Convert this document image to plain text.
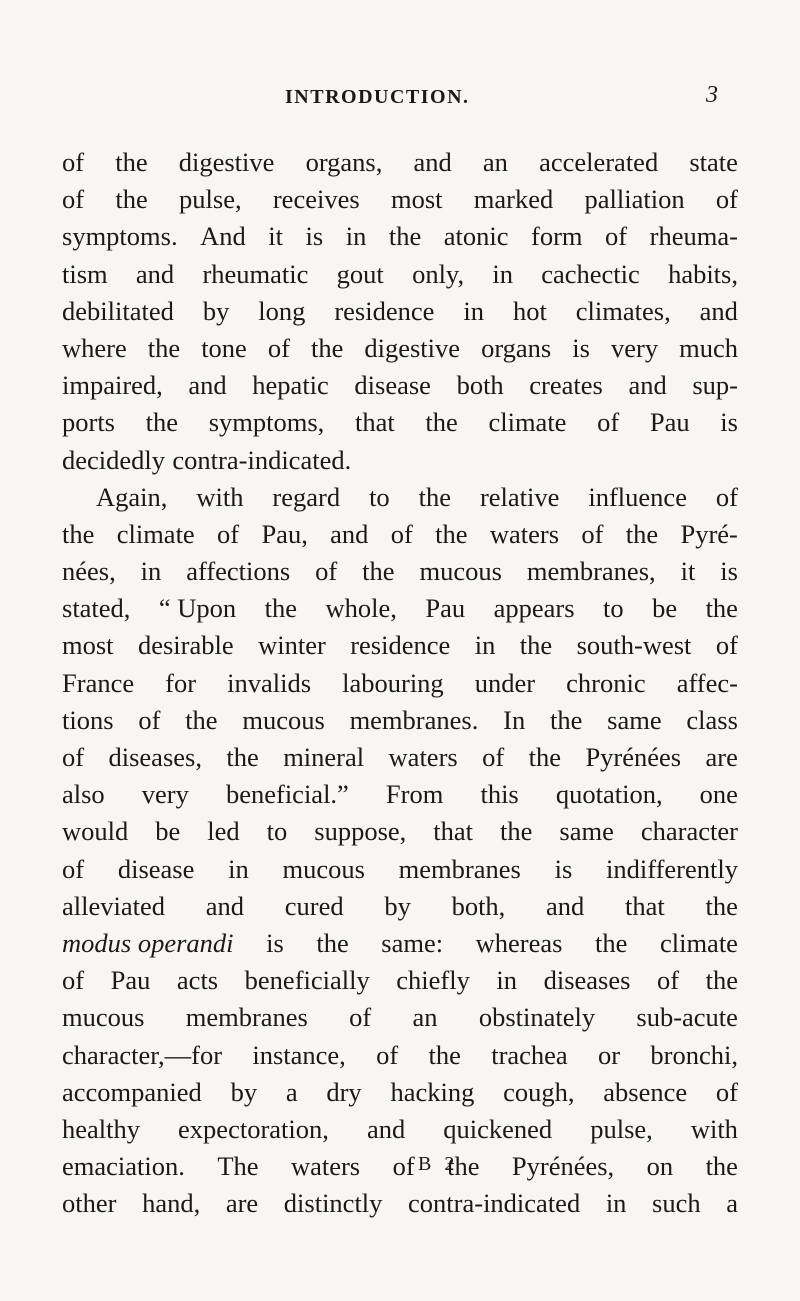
INTRODUCTION.	3
of the digestive organs, and an accelerated state
of the pulse, receives most marked palliation of
symptoms. And it is in the atonic form of rheuma-
tism and rheumatic gout only, in cachectic habits,
debilitated by long residence in hot climates, and
where the tone of the digestive organs is very much
impaired, and hepatic disease both creates and sup-
ports the symptoms, that the climate of Pau is
decidedly contra-indicated.
Again, with regard to the relative influence of
the climate of Pau, and of the waters of the Pyré-
nées, in affections of the mucous membranes, it is
stated, “ Upon the whole, Pau appears to be the
most desirable winter residence in the south-west of
France for invalids labouring under chronic affec-
tions of the mucous membranes. In the same class
of diseases, the mineral waters of the Pyrénées are
also very beneficial.” From this quotation, one
would be led to suppose, that the same character
of disease in mucous membranes is indifferently
alleviated and cured by both, and that the
modus operandi is the same: whereas the climate
of Pau acts beneficially chiefly in diseases of the
mucous membranes of an obstinately sub-acute
character,—for instance, of the trachea or bronchi,
accompanied by a dry hacking cough, absence of
healthy expectoration, and quickened pulse, with
emaciation. The waters of the Pyrénées, on the
other hand, are distinctly contra-indicated in such a
B 2
